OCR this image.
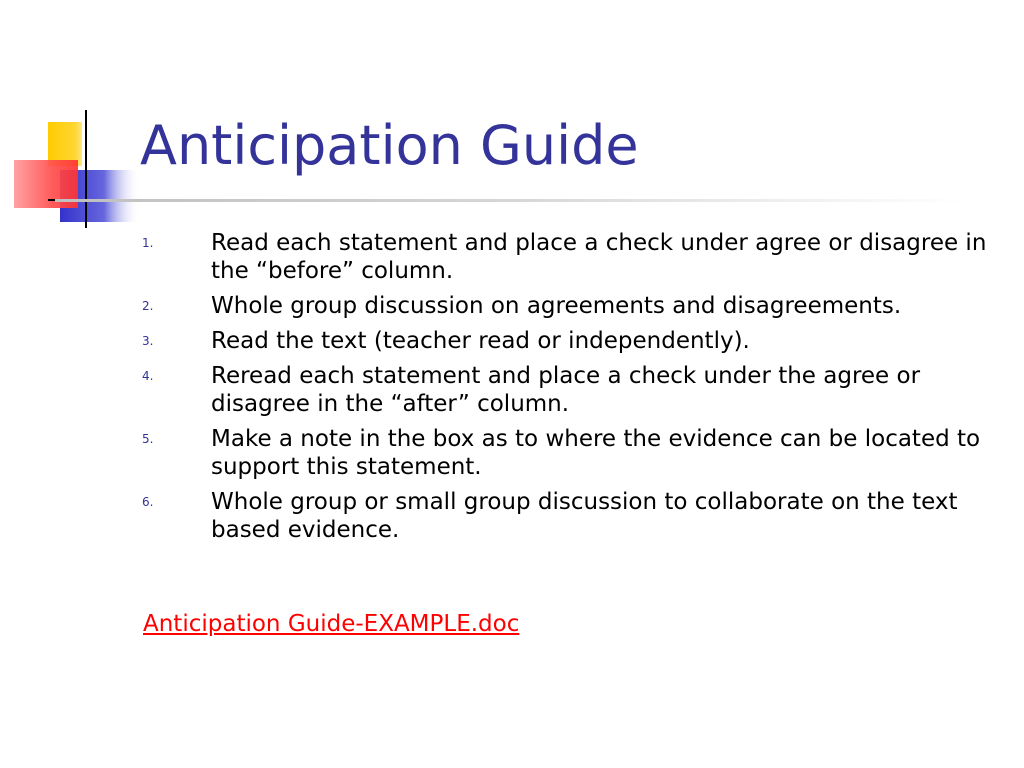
Anticipation Guide
1.	Read each statement and place a check under agree or disagree in the “before” column.
2.	Whole group discussion on agreements and disagreements.
3.	Read the text (teacher read or independently).
4.	Reread each statement and place a check under the agree or disagree in the “after” column.
5.	Make a note in the box as to where the evidence can be located to support this statement.
6.	Whole group or small group discussion to collaborate on the text based evidence.
Anticipation Guide-EXAMPLE.doc
